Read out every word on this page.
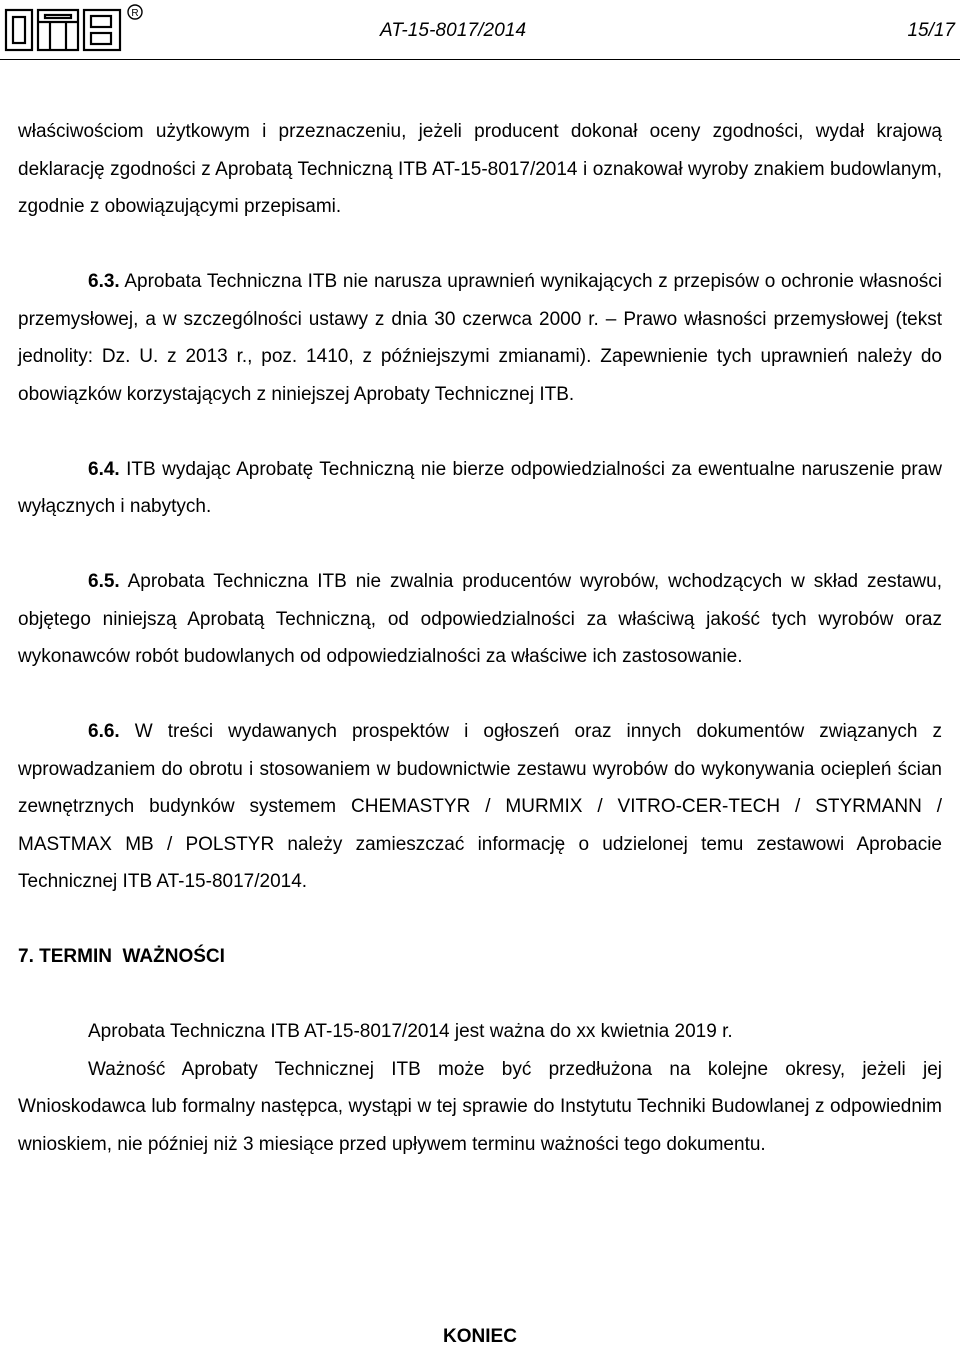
R
AT-15-8017/2014	15/17

właściwościom użytkowym i przeznaczeniu, jeżeli producent dokonał oceny zgodności, wydał krajową deklarację zgodności z Aprobatą Techniczną ITB AT-15-8017/2014 i oznakował wyroby znakiem budowlanym, zgodnie z obowiązującymi przepisami.

6.3. Aprobata Techniczna ITB nie narusza uprawnień wynikających z przepisów o ochronie własności przemysłowej, a w szczególności ustawy z dnia 30 czerwca 2000 r. – Prawo własności przemysłowej (tekst jednolity: Dz. U. z 2013 r., poz. 1410, z późniejszymi zmianami). Zapewnienie tych uprawnień należy do obowiązków korzystających z niniejszej Aprobaty Technicznej ITB.

6.4. ITB wydając Aprobatę Techniczną nie bierze odpowiedzialności za ewentualne naruszenie praw wyłącznych i nabytych.

6.5. Aprobata Techniczna ITB nie zwalnia producentów wyrobów, wchodzących w skład zestawu, objętego niniejszą Aprobatą Techniczną, od odpowiedzialności za właściwą jakość tych wyrobów oraz wykonawców robót budowlanych od odpowiedzialności za właściwe ich zastosowanie.

6.6. W treści wydawanych prospektów i ogłoszeń oraz innych dokumentów związanych z wprowadzaniem do obrotu i stosowaniem w budownictwie zestawu wyrobów do wykonywania ociepleń ścian zewnętrznych budynków systemem CHEMASTYR / MURMIX / VITRO-CER-TECH / STYRMANN / MASTMAX MB / POLSTYR należy zamieszczać informację o udzielonej temu zestawowi Aprobacie Technicznej ITB AT-15-8017/2014.

7. TERMIN  WAŻNOŚCI

Aprobata Techniczna ITB AT-15-8017/2014 jest ważna do xx kwietnia 2019 r.

Ważność Aprobaty Technicznej ITB może być przedłużona na kolejne okresy, jeżeli jej Wnioskodawca lub formalny następca, wystąpi w tej sprawie do Instytutu Techniki Budowlanej z odpowiednim wnioskiem, nie później niż 3 miesiące przed upływem terminu ważności tego dokumentu.

KONIEC
